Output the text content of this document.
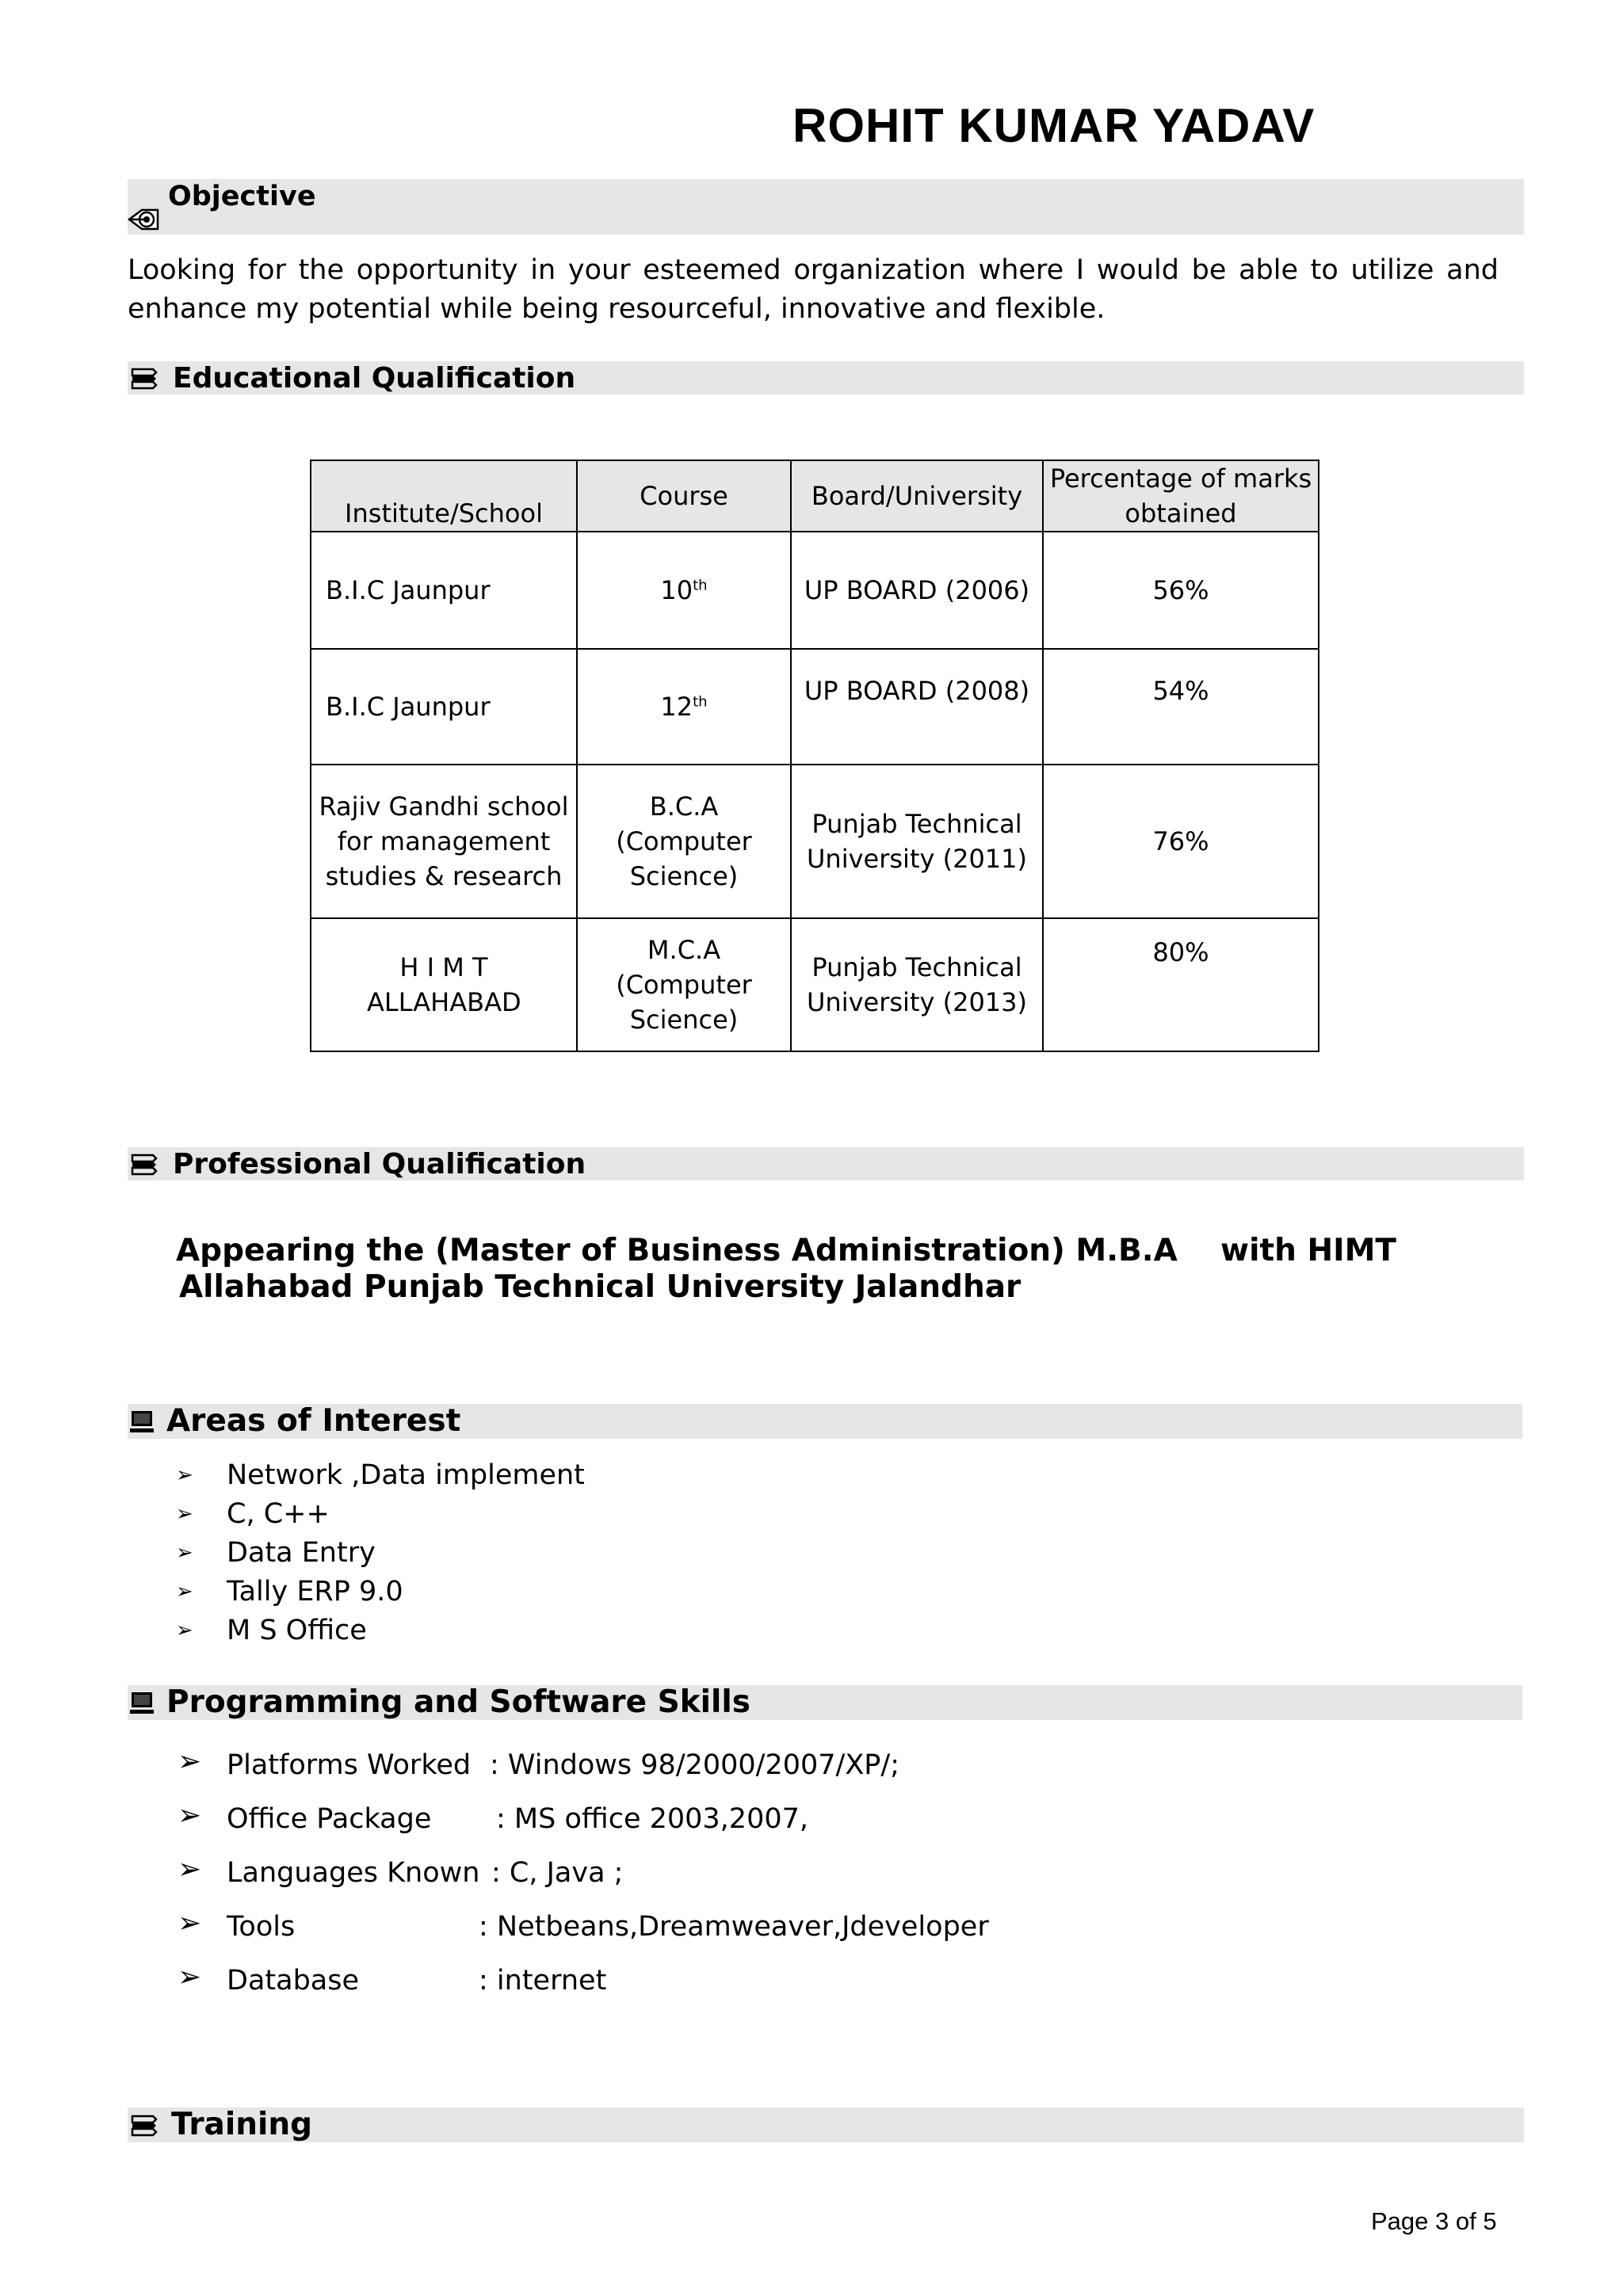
ROHIT KUMAR YADAV
Objective
Looking for the opportunity in your esteemed organization where I would be able to utilize and enhance my potential while being resourceful, innovative and flexible.
Educational Qualification
Institute/School	Course	Board/University	Percentage of marks obtained
B.I.C Jaunpur	10th	UP BOARD (2006)	56%
B.I.C Jaunpur	12th	UP BOARD (2008)	54%
Rajiv Gandhi school for management studies & research	B.C.A (Computer Science)	Punjab Technical University (2011)	76%
H I M T ALLAHABAD	M.C.A (Computer Science)	Punjab Technical University (2013)	80%
Professional Qualification
Appearing the (Master of Business Administration) M.B.A    with HIMT
Allahabad Punjab Technical University Jalandhar
Areas of Interest
➢ Network ,Data implement
➢ C, C++
➢ Data Entry
➢ Tally ERP 9.0
➢ M S Office
Programming and Software Skills
➢ Platforms Worked : Windows 98/2000/2007/XP/;
➢ Office Package : MS office 2003,2007,
➢ Languages Known : C, Java ;
➢ Tools	: Netbeans,Dreamweaver,Jdeveloper
➢ Database	: internet
Training
Page 3 of 5
